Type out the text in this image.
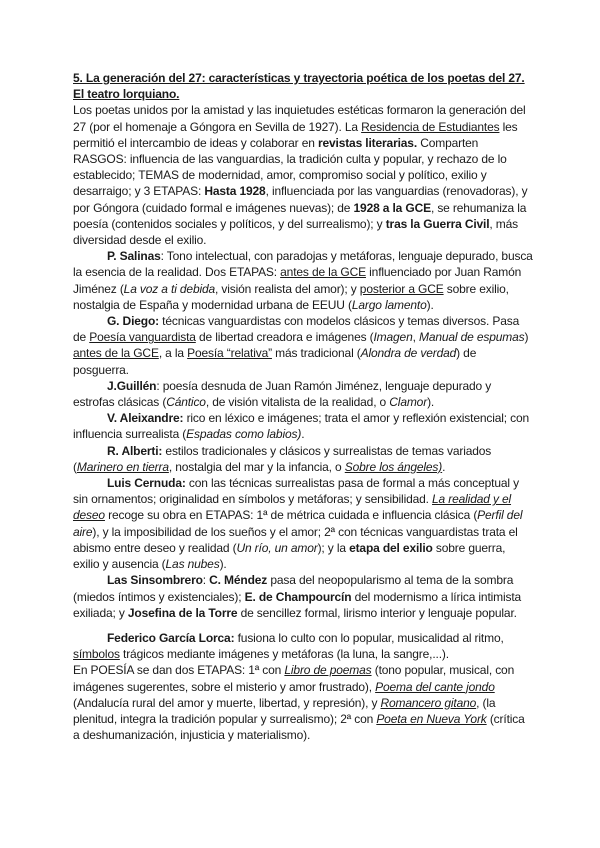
5. La generación del 27: características y trayectoria poética de los poetas del 27. El teatro lorquiano.

Los poetas unidos por la amistad y las inquietudes estéticas formaron la generación del 27 (por el homenaje a Góngora en Sevilla de 1927). La Residencia de Estudiantes les permitió el intercambio de ideas y colaborar en revistas literarias. Comparten RASGOS: influencia de las vanguardias, la tradición culta y popular, y rechazo de lo establecido; TEMAS de modernidad, amor, compromiso social y político, exilio y desarraigo; y 3 ETAPAS: Hasta 1928, influenciada por las vanguardias (renovadoras), y por Góngora (cuidado formal e imágenes nuevas); de 1928 a la GCE, se rehumaniza la poesía (contenidos sociales y políticos, y del surrealismo); y tras la Guerra Civil, más diversidad desde el exilio.

P. Salinas: Tono intelectual, con paradojas y metáforas, lenguaje depurado, busca la esencia de la realidad. Dos ETAPAS: antes de la GCE influenciado por Juan Ramón Jiménez (La voz a ti debida, visión realista del amor); y posterior a GCE sobre exilio, nostalgia de España y modernidad urbana de EEUU (Largo lamento).

G. Diego: técnicas vanguardistas con modelos clásicos y temas diversos. Pasa de Poesía vanguardista de libertad creadora e imágenes (Imagen, Manual de espumas) antes de la GCE, a la Poesía “relativa” más tradicional (Alondra de verdad) de posguerra.

J.Guillén: poesía desnuda de Juan Ramón Jiménez, lenguaje depurado y estrofas clásicas (Cántico, de visión vitalista de la realidad, o Clamor).

V. Aleixandre: rico en léxico e imágenes; trata el amor y reflexión existencial; con influencia surrealista (Espadas como labios).

R. Alberti: estilos tradicionales y clásicos y surrealistas de temas variados (Marinero en tierra, nostalgia del mar y la infancia, o Sobre los ángeles).

Luis Cernuda: con las técnicas surrealistas pasa de formal a más conceptual y sin ornamentos; originalidad en símbolos y metáforas; y sensibilidad. La realidad y el deseo recoge su obra en ETAPAS: 1ª de métrica cuidada e influencia clásica (Perfil del aire), y la imposibilidad de los sueños y el amor; 2ª con técnicas vanguardistas trata el abismo entre deseo y realidad (Un río, un amor); y la etapa del exilio sobre guerra, exilio y ausencia (Las nubes).

Las Sinsombrero: C. Méndez pasa del neopopularismo al tema de la sombra (miedos íntimos y existenciales); E. de Champourcín del modernismo a lírica intimista exiliada; y Josefina de la Torre de sencillez formal, lirismo interior y lenguaje popular.

Federico García Lorca: fusiona lo culto con lo popular, musicalidad al ritmo, símbolos trágicos mediante imágenes y metáforas (la luna, la sangre,...).

En POESÍA se dan dos ETAPAS: 1ª con Libro de poemas (tono popular, musical, con imágenes sugerentes, sobre el misterio y amor frustrado), Poema del cante jondo (Andalucía rural del amor y muerte, libertad, y represión), y Romancero gitano, (la plenitud, integra la tradición popular y surrealismo); 2ª con Poeta en Nueva York (crítica a deshumanización, injusticia y materialismo).
